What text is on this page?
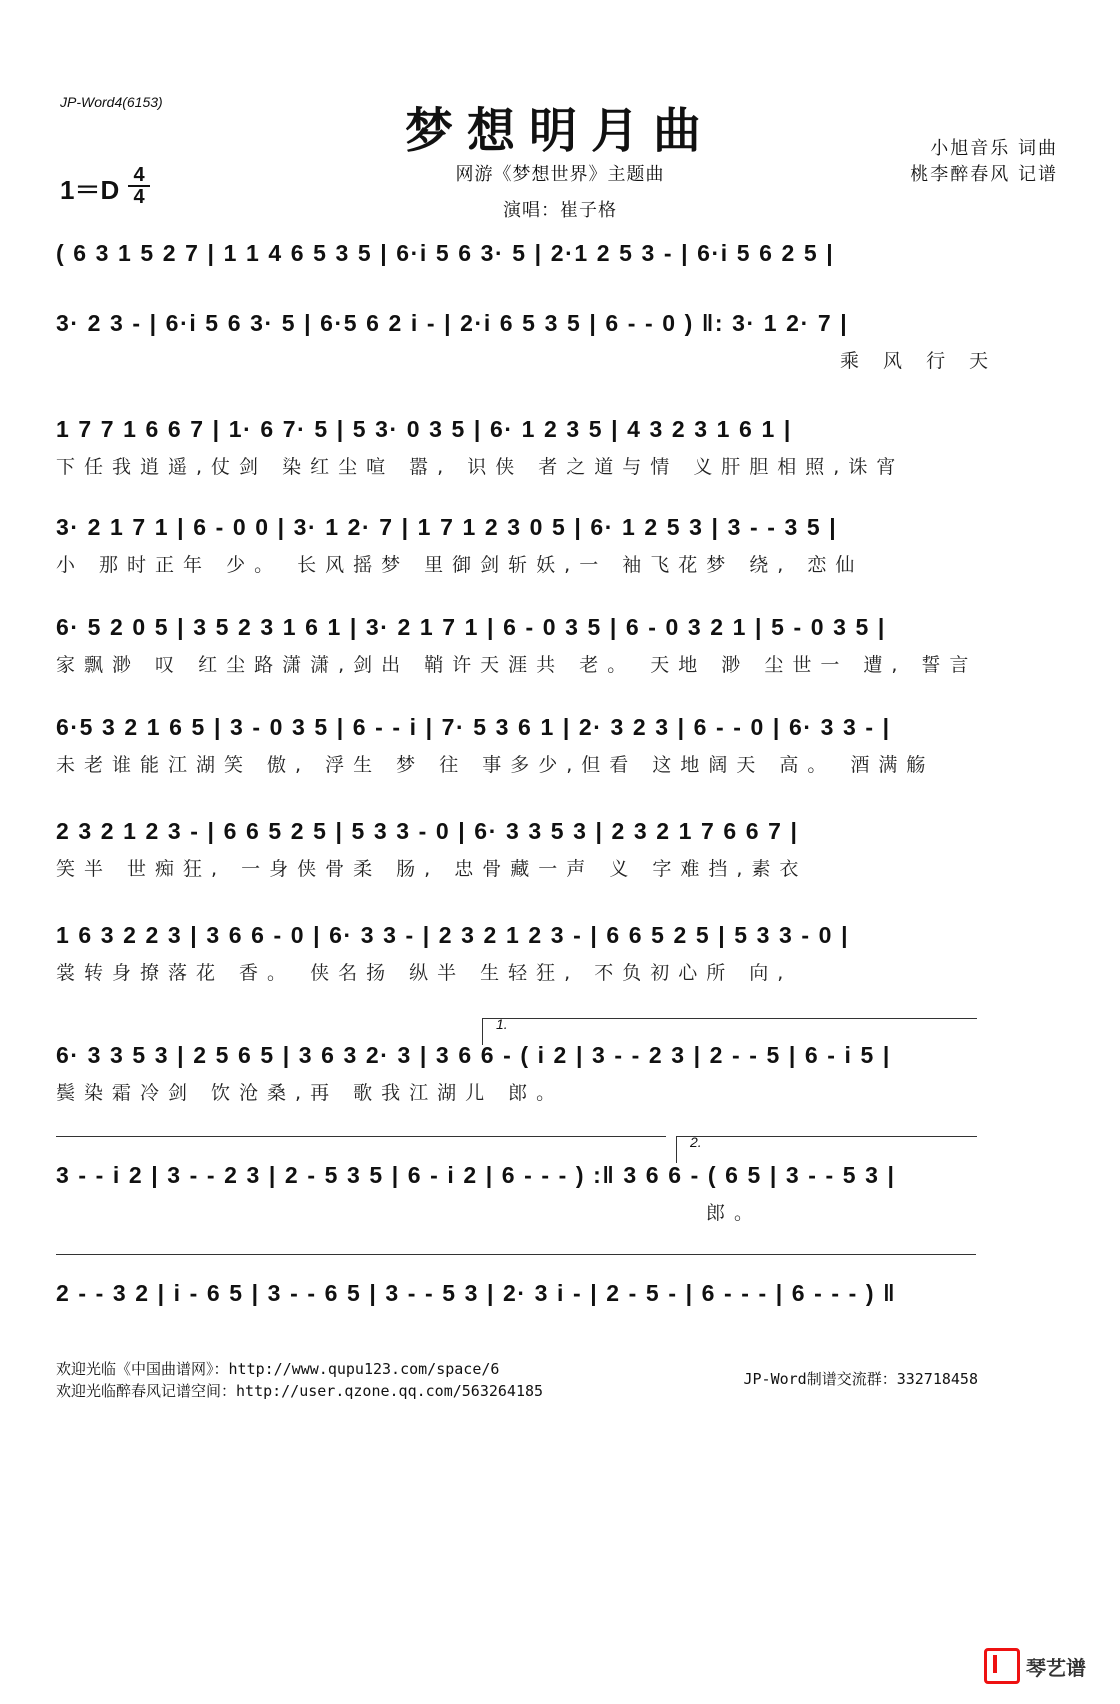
JP-Word4(6153)
梦想明月曲	小旭音乐 词曲
桃李醉春风 记谱
1＝D 4
4
网游《梦想世界》主题曲
演唱：崔子格
( 6 3 1 5 2 7 | 1 1 4 6 5 3 5 | 6·i 5 6 3· 5 | 2·1 2 5 3 - | 6·i 5 6 2 5 |
3· 2 3 - | 6·i 5 6 3· 5 | 6·5 6 2 i - | 2·i 6 5 3 5 | 6 - - 0 ) ‖: 3· 1 2· 7 |
乘 风 行 天
1 7 7 1 6 6 7 | 1· 6 7· 5 | 5 3· 0 3 5 | 6· 1 2 3 5 | 4 3 2 3 1 6 1 |
下任我逍遥,仗剑 染红尘喧 嚣, 识侠 者之道与情 义肝胆相照,诛宵
3· 2 1 7 1 | 6 - 0 0 | 3· 1 2· 7 | 1 7 1 2 3 0 5 | 6· 1 2 5 3 | 3 - - 3 5 |
小 那时正年 少。 长风摇梦 里御剑斩妖,一 袖飞花梦 绕, 恋仙
6· 5 2 0 5 | 3 5 2 3 1 6 1 | 3· 2 1 7 1 | 6 - 0 3 5 | 6 - 0 3 2 1 | 5 - 0 3 5 |
家飘渺 叹 红尘路潇潇,剑出 鞘许天涯共 老。 天地 渺 尘世一 遭, 誓言
6·5 3 2 1 6 5 | 3 - 0 3 5 | 6 - - i | 7· 5 3 6 1 | 2· 3 2 3 | 6 - - 0 | 6· 3 3 - |
未老谁能江湖笑 傲, 浮生 梦 往 事多少,但看 这地阔天 高。 酒满觞
2 3 2 1 2 3 - | 6 6 5 2 5 | 5 3 3 - 0 | 6· 3 3 5 3 | 2 3 2 1 7 6 6 7 |
笑半 世痴狂, 一身侠骨柔 肠, 忠骨藏一声 义 字难挡,素衣
1 6 3 2 2 3 | 3 6 6 - 0 | 6· 3 3 - | 2 3 2 1 2 3 - | 6 6 5 2 5 | 5 3 3 - 0 |
裳转身撩落花 香。 侠名扬 纵半 生轻狂, 不负初心所 向,
1.
6· 3 3 5 3 | 2 5 6 5 | 3 6 3 2· 3 | 3 6 6 - ( i 2 | 3 - - 2 3 | 2 - - 5 | 6 - i 5 |
鬓染霜冷剑 饮沧桑,再 歌我江湖儿 郎。
2.
3 - - i 2 | 3 - - 2 3 | 2 - 5 3 5 | 6 - i 2 | 6 - - - ) :‖ 3 6 6 - ( 6 5 | 3 - - 5 3 |
郎。
2 - - 3 2 | i - 6 5 | 3 - - 6 5 | 3 - - 5 3 | 2· 3 i - | 2 - 5 - | 6 - - - | 6 - - - ) ‖
欢迎光临《中国曲谱网》：http://www.qupu123.com/space/6
欢迎光临醉春风记谱空间：http://user.qzone.qq.com/563264185
JP-Word制谱交流群：332718458
琴艺谱
